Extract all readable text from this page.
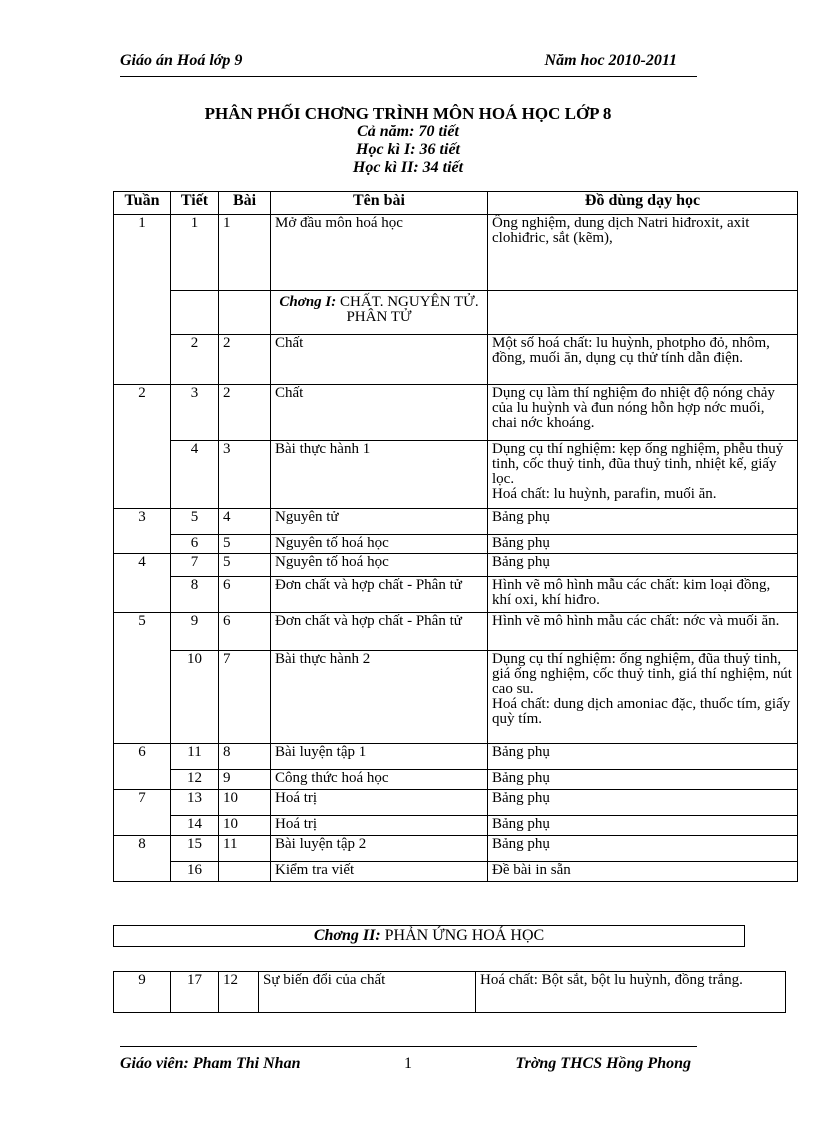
Giáo án Hoá lớp 9	Năm hoc 2010-2011
PHÂN PHỐI CHƠNG TRÌNH MÔN HOÁ HỌC LỚP 8
Cả năm: 70 tiết
Học kì I: 36 tiết
Học kì II: 34 tiết
Tuần	Tiết	Bài	Tên bài	Đồ dùng dạy học
1	1	1	Mở đầu môn hoá học	Ống nghiệm, dung dịch Natri hiđroxit, axit clohiđric, sắt (kẽm),
			Chơng I: CHẤT. NGUYÊN TỬ. PHÂN TỬ	
	2	2	Chất	Một số hoá chất: lu huỳnh, photpho đỏ, nhôm, đồng, muối ăn, dụng cụ thử tính dẫn điện.
2	3	2	Chất	Dụng cụ làm thí nghiệm đo nhiệt độ nóng chảy của lu huỳnh và đun nóng hỗn hợp nớc muối, chai nớc khoáng.
	4	3	Bài thực hành 1	Dụng cụ thí nghiệm: kẹp ống nghiệm, phễu thuỷ tinh, cốc thuỷ tinh, đũa thuỷ tinh, nhiệt kế, giấy lọc.
Hoá chất: lu huỳnh, parafin, muối ăn.

3	5	4	Nguyên tử	Bảng phụ
	6	5	Nguyên tố hoá học	Bảng phụ
4	7	5	Nguyên tố hoá học	Bảng phụ
	8	6	Đơn chất và hợp chất - Phân tử	Hình vẽ mô hình mẫu các chất: kim loại đồng, khí oxi, khí hiđro.
5	9	6	Đơn chất và hợp chất - Phân tử	Hình vẽ mô hình mẫu các chất: nớc và muối ăn.
	10	7	Bài thực hành 2	Dụng cụ thí nghiệm: ống nghiệm, đũa thuỷ tinh, giá ống nghiệm, cốc thuỷ tinh, giá thí nghiệm, nút cao su.
Hoá chất: dung dịch amoniac đặc, thuốc tím, giấy quỳ tím.

6	11	8	Bài luyện tập 1	Bảng phụ
	12	9	Công thức hoá học	Bảng phụ
7	13	10	Hoá trị	Bảng phụ
	14	10	Hoá trị	Bảng phụ
8	15	11	Bài luyện tập 2	Bảng phụ
	16		Kiểm tra viết	Đề bài in sẵn
Chơng II: PHẢN ỨNG HOÁ HỌC
9	17	12	Sự biến đổi của chất	Hoá chất: Bột sắt, bột lu huỳnh, đồng trắng.
Giáo viên: Pham Thi Nhan	1	Trờng THCS Hồng Phong
